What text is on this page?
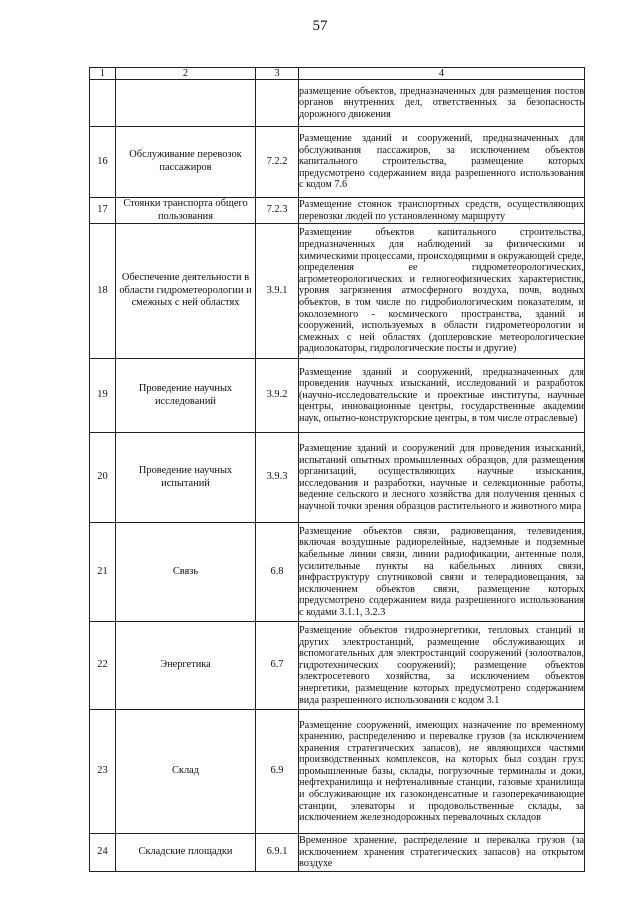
57
1	2	3	4
			размещение объектов, предназначенных для размещения постов органов внутренних дел, ответственных за безопасность дорожного движения
16	Обслуживание перевозок пассажиров	7.2.2	Размещение зданий и сооружений, предназначенных для обслуживания пассажиров, за исключением объектов капитального строительства, размещение которых предусмотрено содержанием вида разрешенного использования с кодом 7.6
17	Стоянки транспорта общего пользования	7.2.3	Размещение стоянок транспортных средств, осуществляющих перевозки людей по установленному маршруту
18	Обеспечение деятельности в области гидрометеорологии и смежных с ней областях	3.9.1	Размещение объектов капитального строительства, предназначенных для наблюдений за физическими и химическими процессами, происходящими в окружающей среде, определения ее гидрометеорологических, агрометеорологических и гелиогеофизических характеристик, уровня загрязнения атмосферного воздуха, почв, водных объектов, в том числе по гидробиологическим показателям, и околоземного - космического пространства, зданий и сооружений, используемых в области гидрометеорологии и смежных с ней областях (доплеровские метеорологические радиолокаторы, гидрологические посты и другие)
19	Проведение научных исследований	3.9.2	Размещение зданий и сооружений, предназначенных для проведения научных изысканий, исследований и разработок (научно-исследовательские и проектные институты, научные центры, инновационные центры, государственные академии наук, опытно-конструкторские центры, в том числе отраслевые)
20	Проведение научных испытаний	3.9.3	Размещение зданий и сооружений для проведения изысканий, испытаний опытных промышленных образцов, для размещения организаций, осуществляющих научные изыскания, исследования и разработки, научные и селекционные работы, ведение сельского и лесного хозяйства для получения ценных с научной точки зрения образцов растительного и животного мира
21	Связь	6.8	Размещение объектов связи, радиовещания, телевидения, включая воздушные радиорелейные, надземные и подземные кабельные линии связи, линии радиофикации, антенные поля, усилительные пункты на кабельных линиях связи, инфраструктуру спутниковой связи и телерадиовещания, за исключением объектов связи, размещение которых предусмотрено содержанием вида разрешенного использования с кодами 3.1.1, 3.2.3
22	Энергетика	6.7	Размещение объектов гидроэнергетики, тепловых станций и других электростанций, размещение обслуживающих и вспомогательных для электростанций сооружений (золоотвалов, гидротехнических сооружений); размещение объектов электросетевого хозяйства, за исключением объектов энергетики, размещение которых предусмотрено содержанием вида разрешенного использования с кодом 3.1
23	Склад	6.9	Размещение сооружений, имеющих назначение по временному хранению, распределению и перевалке грузов (за исключением хранения стратегических запасов), не являющихся частями производственных комплексов, на которых был создан груз: промышленные базы, склады, погрузочные терминалы и доки, нефтехранилища и нефтеналивные станции, газовые хранилища и обслуживающие их газоконденсатные и газоперекачивающие станции, элеваторы и продовольственные склады, за исключением железнодорожных перевалочных складов
24	Складские площадки	6.9.1	Временное хранение, распределение и перевалка грузов (за исключением хранения стратегических запасов) на открытом воздухе
